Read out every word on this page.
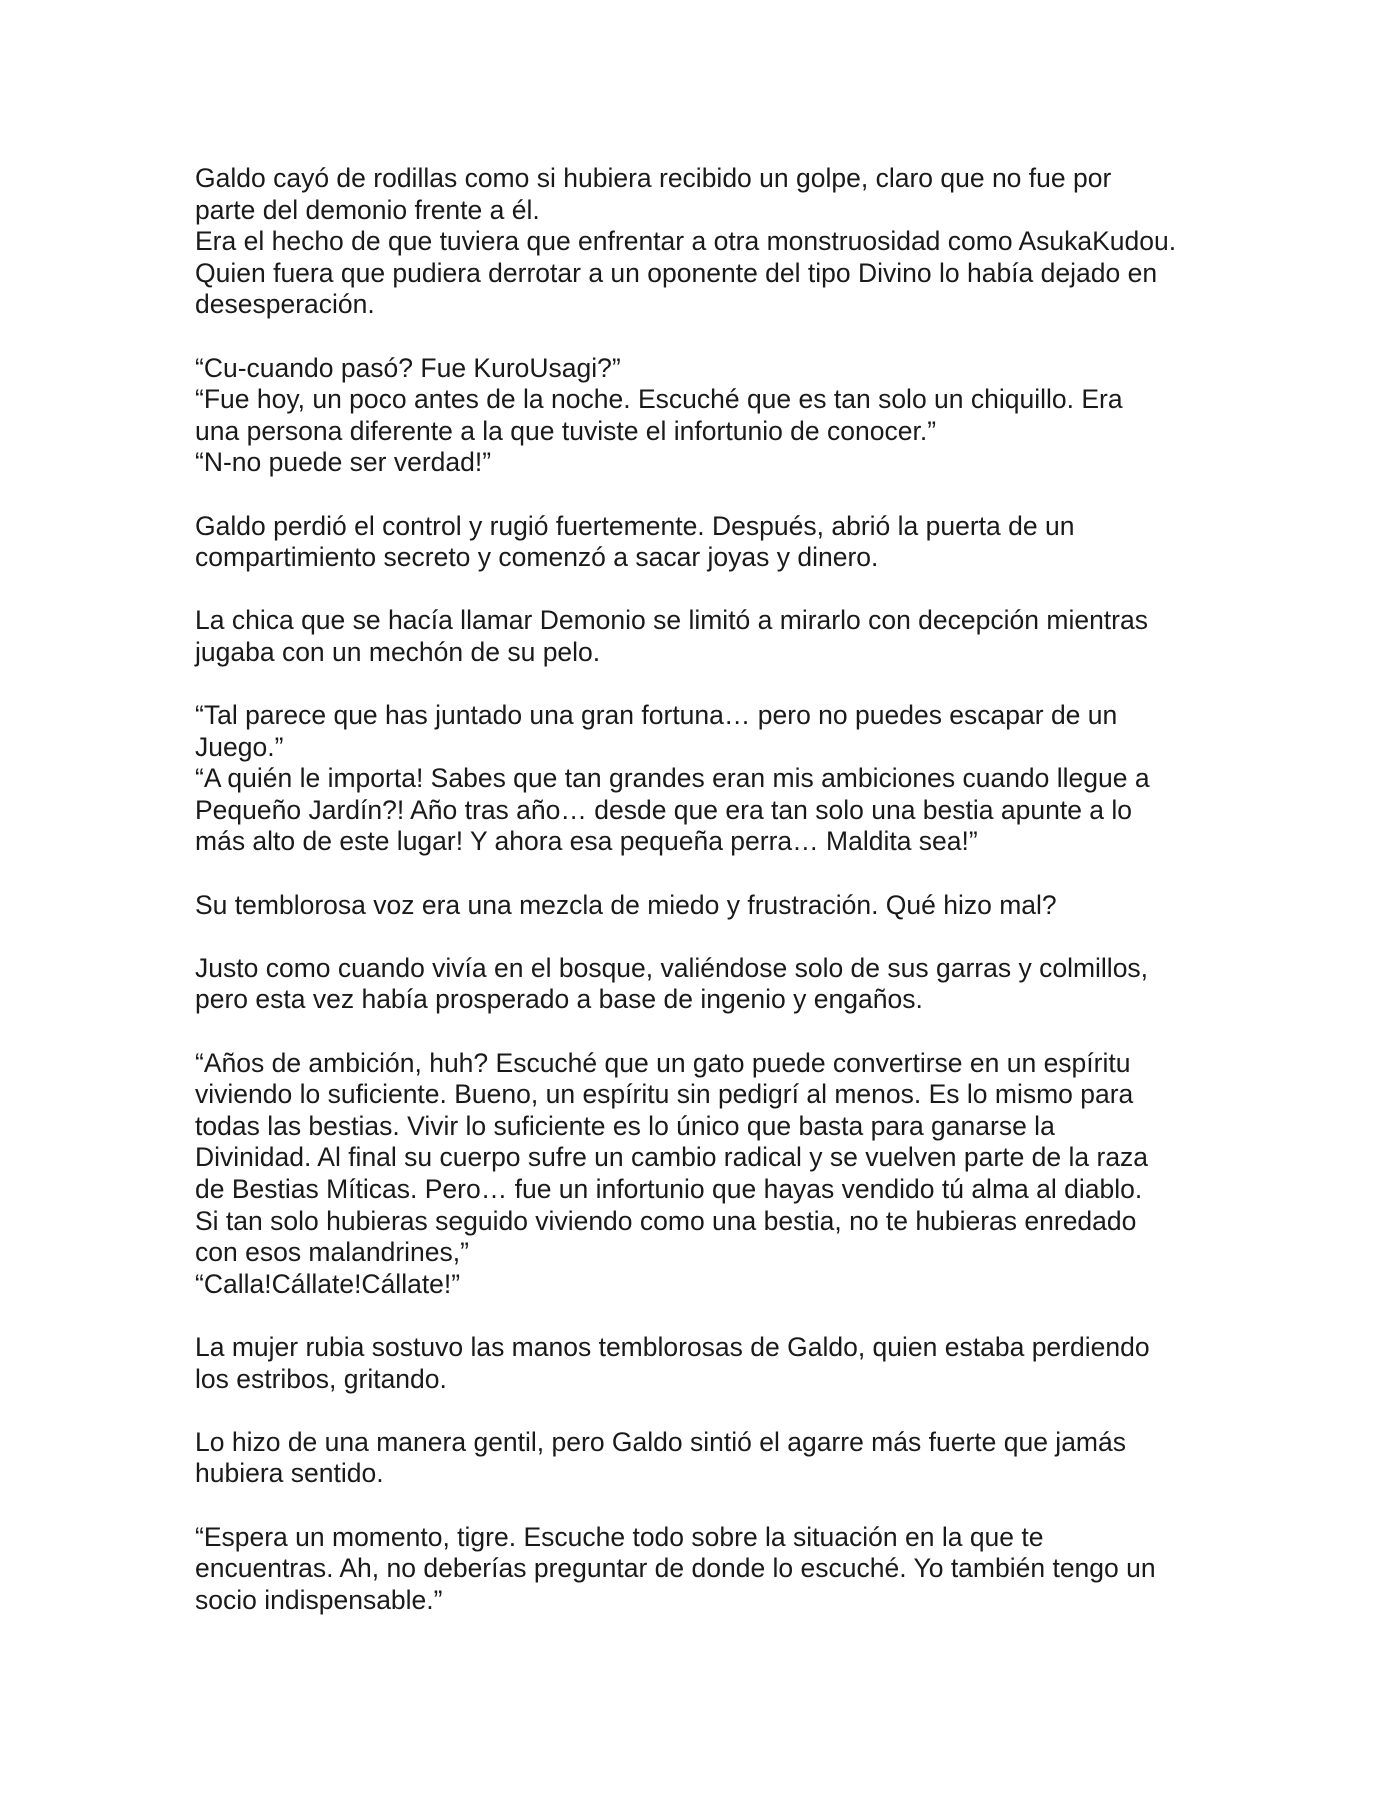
Galdo cayó de rodillas como si hubiera recibido un golpe, claro que no fue por
parte del demonio frente a él.
Era el hecho de que tuviera que enfrentar a otra monstruosidad como AsukaKudou.
Quien fuera que pudiera derrotar a un oponente del tipo Divino lo había dejado en
desesperación.
“Cu-cuando pasó? Fue KuroUsagi?”
“Fue hoy, un poco antes de la noche. Escuché que es tan solo un chiquillo. Era
una persona diferente a la que tuviste el infortunio de conocer.”
“N-no puede ser verdad!”
Galdo perdió el control y rugió fuertemente. Después, abrió la puerta de un
compartimiento secreto y comenzó a sacar joyas y dinero.
La chica que se hacía llamar Demonio se limitó a mirarlo con decepción mientras
jugaba con un mechón de su pelo.
“Tal parece que has juntado una gran fortuna… pero no puedes escapar de un
Juego.”
“A quién le importa! Sabes que tan grandes eran mis ambiciones cuando llegue a
Pequeño Jardín?! Año tras año… desde que era tan solo una bestia apunte a lo
más alto de este lugar! Y ahora esa pequeña perra… Maldita sea!”
Su temblorosa voz era una mezcla de miedo y frustración. Qué hizo mal?
Justo como cuando vivía en el bosque, valiéndose solo de sus garras y colmillos,
pero esta vez había prosperado a base de ingenio y engaños.
“Años de ambición, huh? Escuché que un gato puede convertirse en un espíritu
viviendo lo suficiente. Bueno, un espíritu sin pedigrí al menos. Es lo mismo para
todas las bestias. Vivir lo suficiente es lo único que basta para ganarse la
Divinidad. Al final su cuerpo sufre un cambio radical y se vuelven parte de la raza
de Bestias Míticas. Pero… fue un infortunio que hayas vendido tú alma al diablo.
Si tan solo hubieras seguido viviendo como una bestia, no te hubieras enredado
con esos malandrines,”
“Calla!Cállate!Cállate!”
La mujer rubia sostuvo las manos temblorosas de Galdo, quien estaba perdiendo
los estribos, gritando.
Lo hizo de una manera gentil, pero Galdo sintió el agarre más fuerte que jamás
hubiera sentido.
“Espera un momento, tigre. Escuche todo sobre la situación en la que te
encuentras. Ah, no deberías preguntar de donde lo escuché. Yo también tengo un
socio indispensable.”
